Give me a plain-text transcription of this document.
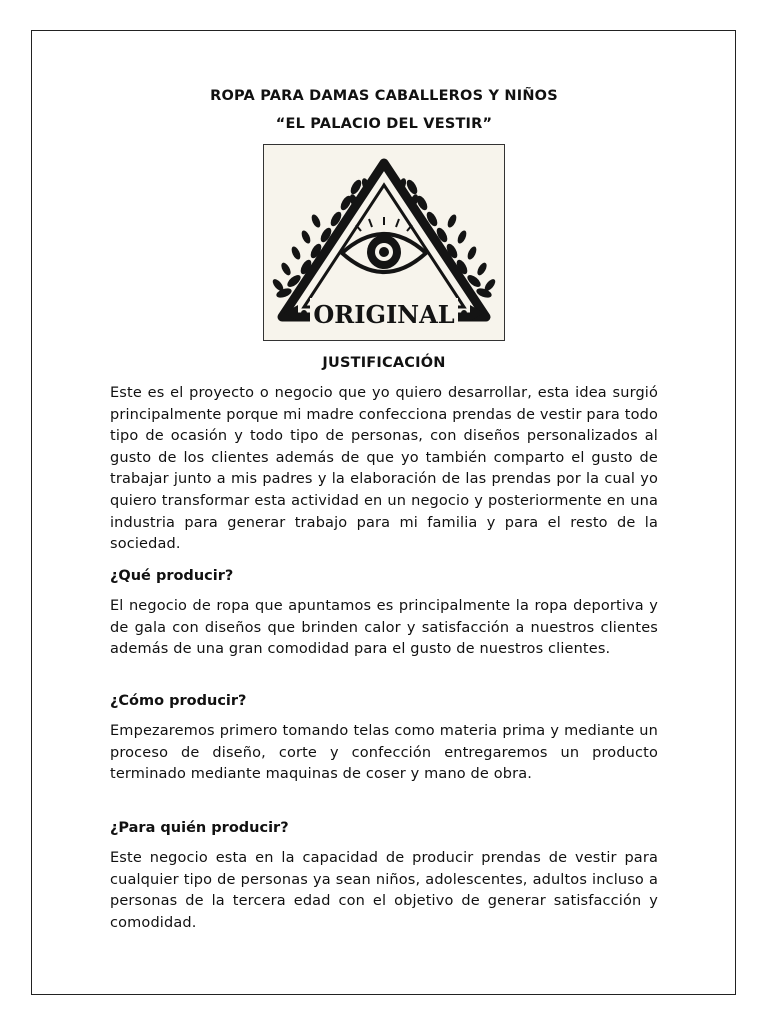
ROPA PARA DAMAS CABALLEROS Y NIÑOS
“EL PALACIO DEL VESTIR”
ORIGINAL
JUSTIFICACIÓN

Este es el proyecto o negocio que yo quiero desarrollar, esta idea surgió principalmente porque mi madre confecciona prendas de vestir para todo tipo de ocasión y todo tipo de personas, con diseños personalizados al gusto de los clientes además de que yo también comparto el gusto de trabajar junto a mis padres y la elaboración de las prendas por la cual yo quiero transformar esta actividad en un negocio y posteriormente en una industria para generar trabajo para mi familia y para el resto de la sociedad.

¿Qué producir?

El negocio de ropa que apuntamos es principalmente la ropa deportiva y de gala con diseños que brinden calor y satisfacción a nuestros clientes además de una gran comodidad para el gusto de nuestros clientes.

¿Cómo producir?

Empezaremos primero tomando telas como materia prima y mediante un proceso de diseño, corte y confección entregaremos un producto terminado mediante maquinas de coser y mano de obra.

¿Para quién producir?

Este negocio esta en la capacidad de producir prendas de vestir para cualquier tipo de personas ya sean niños, adolescentes, adultos incluso a personas de la tercera edad con el objetivo de generar satisfacción y comodidad.
